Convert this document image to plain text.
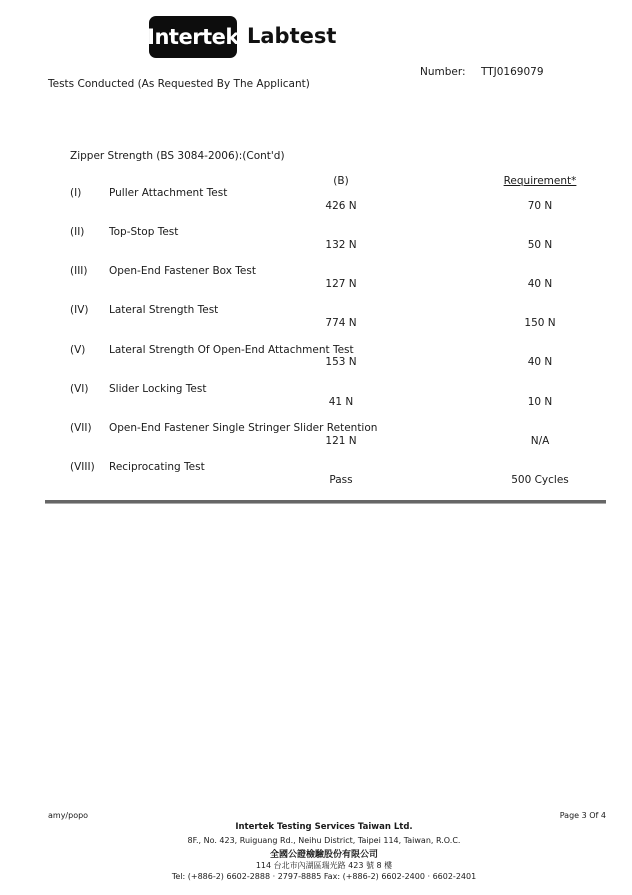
Intertek Labtest
Tests Conducted (As Requested By The Applicant)
Number: TTJ0169079
Zipper Strength (BS 3084-2006):(Cont'd)
(B)	Requirement*
(I)	Puller Attachment Test
426 N	70 N
(II) Top-Stop Test
132 N	50 N
(III) Open-End Fastener Box Test
127 N	40 N
(IV) Lateral Strength Test
774 N	150 N
(V) Lateral Strength Of Open-End Attachment Test
153 N	40 N
(VI) Slider Locking Test
41 N	10 N
(VII) Open-End Fastener Single Stringer Slider Retention
121 N	N/A
(VIII) Reciprocating Test
Pass	500 Cycles
amy/popo	Page 3 Of 4
Intertek Testing Services Taiwan Ltd.
8F., No. 423, Ruiguang Rd., Neihu District, Taipei 114, Taiwan, R.O.C.
全國公證檢驗股份有限公司
114 台北市內湖區瑞光路 423 號 8 樓
Tel: (+886-2) 6602-2888 · 2797-8885 Fax: (+886-2) 6602-2400 · 6602-2401
